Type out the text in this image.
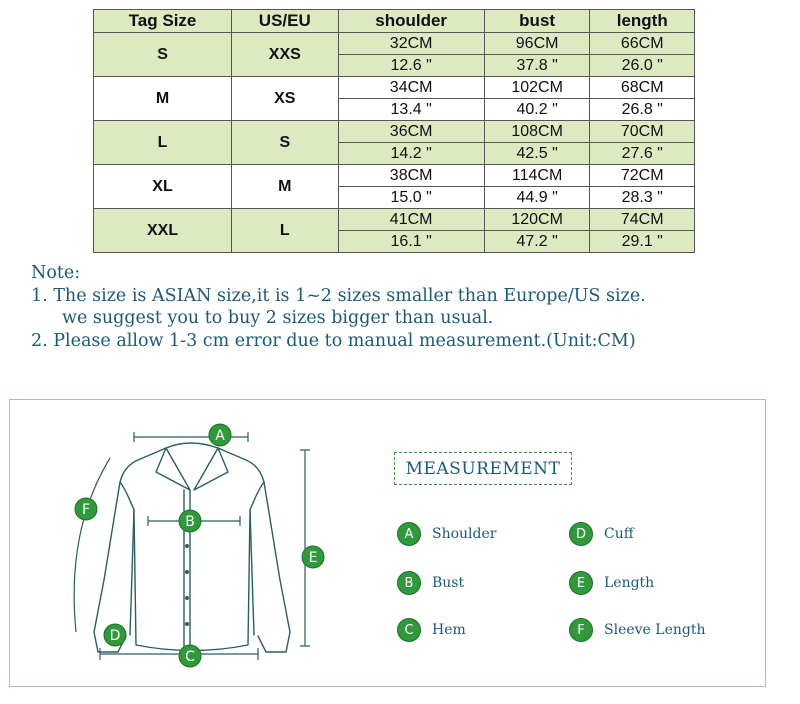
Tag Size	US/EU	shoulder	bust	length
S	XXS	32CM	96CM	66CM
		12.6 "	37.8 "	26.0 "
M	XS	34CM	102CM	68CM
		13.4 "	40.2 "	26.8 "
L	S	36CM	108CM	70CM
		14.2 "	42.5 "	27.6 "
XL	M	38CM	114CM	72CM
		15.0 "	44.9 "	28.3 "
XXL	L	41CM	120CM	74CM
		16.1 "	47.2 "	29.1 "
Note:
1. The size is ASIAN size,it is 1~2 sizes smaller than Europe/US size.
we suggest you to buy 2 sizes bigger than usual.
2. Please allow 1-3 cm error due to manual measurement.(Unit:CM)
A
B
C
D
E
F
MEASUREMENT
A	Shoulder
B	Bust
C	Hem
D	Cuff
E	Length
F	Sleeve Length
